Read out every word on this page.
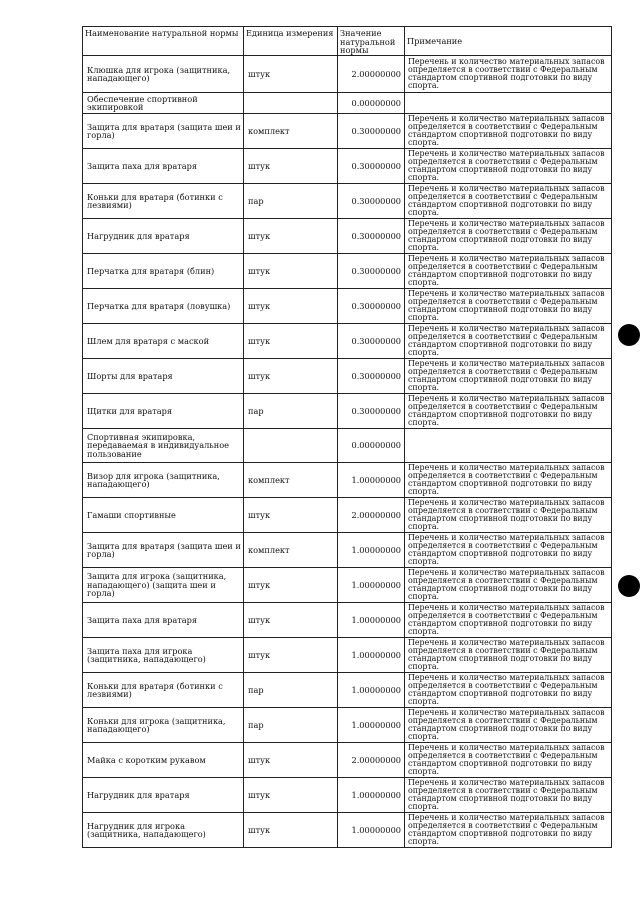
Наименование натуральной нормы	Единица измерения	Значение натуральной нормы	Примечание
Клюшка для игрока (защитника, нападающего)	штук	2.00000000	Перечень и количество материальных запасов определяется в соответствии с Федеральным стандартом спортивной подготовки по виду спорта.
Обеспечение спортивной экипировкой		0.00000000	
Защита для вратаря (защита шеи и горла)	комплект	0.30000000	Перечень и количество материальных запасов определяется в соответствии с Федеральным стандартом спортивной подготовки по виду спорта.
Защита паха для вратаря	штук	0.30000000	Перечень и количество материальных запасов определяется в соответствии с Федеральным стандартом спортивной подготовки по виду спорта.
Коньки для вратаря (ботинки с лезвиями)	пар	0.30000000	Перечень и количество материальных запасов определяется в соответствии с Федеральным стандартом спортивной подготовки по виду спорта.
Нагрудник для вратаря	штук	0.30000000	Перечень и количество материальных запасов определяется в соответствии с Федеральным стандартом спортивной подготовки по виду спорта.
Перчатка для вратаря (блин)	штук	0.30000000	Перечень и количество материальных запасов определяется в соответствии с Федеральным стандартом спортивной подготовки по виду спорта.
Перчатка для вратаря (ловушка)	штук	0.30000000	Перечень и количество материальных запасов определяется в соответствии с Федеральным стандартом спортивной подготовки по виду спорта.
Шлем для вратаря с маской	штук	0.30000000	Перечень и количество материальных запасов определяется в соответствии с Федеральным стандартом спортивной подготовки по виду спорта.
Шорты для вратаря	штук	0.30000000	Перечень и количество материальных запасов определяется в соответствии с Федеральным стандартом спортивной подготовки по виду спорта.
Щитки для вратаря	пар	0.30000000	Перечень и количество материальных запасов определяется в соответствии с Федеральным стандартом спортивной подготовки по виду спорта.
Спортивная экипировка, передаваемая в индивидуальное пользование		0.00000000	
Визор для игрока (защитника, нападающего)	комплект	1.00000000	Перечень и количество материальных запасов определяется в соответствии с Федеральным стандартом спортивной подготовки по виду спорта.
Гамаши спортивные	штук	2.00000000	Перечень и количество материальных запасов определяется в соответствии с Федеральным стандартом спортивной подготовки по виду спорта.
Защита для вратаря (защита шеи и горла)	комплект	1.00000000	Перечень и количество материальных запасов определяется в соответствии с Федеральным стандартом спортивной подготовки по виду спорта.
Защита для игрока (защитника, нападающего) (защита шеи и горла)	штук	1.00000000	Перечень и количество материальных запасов определяется в соответствии с Федеральным стандартом спортивной подготовки по виду спорта.
Защита паха для вратаря	штук	1.00000000	Перечень и количество материальных запасов определяется в соответствии с Федеральным стандартом спортивной подготовки по виду спорта.
Защита паха для игрока (защитника, нападающего)	штук	1.00000000	Перечень и количество материальных запасов определяется в соответствии с Федеральным стандартом спортивной подготовки по виду спорта.
Коньки для вратаря (ботинки с лезвиями)	пар	1.00000000	Перечень и количество материальных запасов определяется в соответствии с Федеральным стандартом спортивной подготовки по виду спорта.
Коньки для игрока (защитника, нападающего)	пар	1.00000000	Перечень и количество материальных запасов определяется в соответствии с Федеральным стандартом спортивной подготовки по виду спорта.
Майка с коротким рукавом	штук	2.00000000	Перечень и количество материальных запасов определяется в соответствии с Федеральным стандартом спортивной подготовки по виду спорта.
Нагрудник для вратаря	штук	1.00000000	Перечень и количество материальных запасов определяется в соответствии с Федеральным стандартом спортивной подготовки по виду спорта.
Нагрудник для игрока (защитника, нападающего)	штук	1.00000000	Перечень и количество материальных запасов определяется в соответствии с Федеральным стандартом спортивной подготовки по виду спорта.
